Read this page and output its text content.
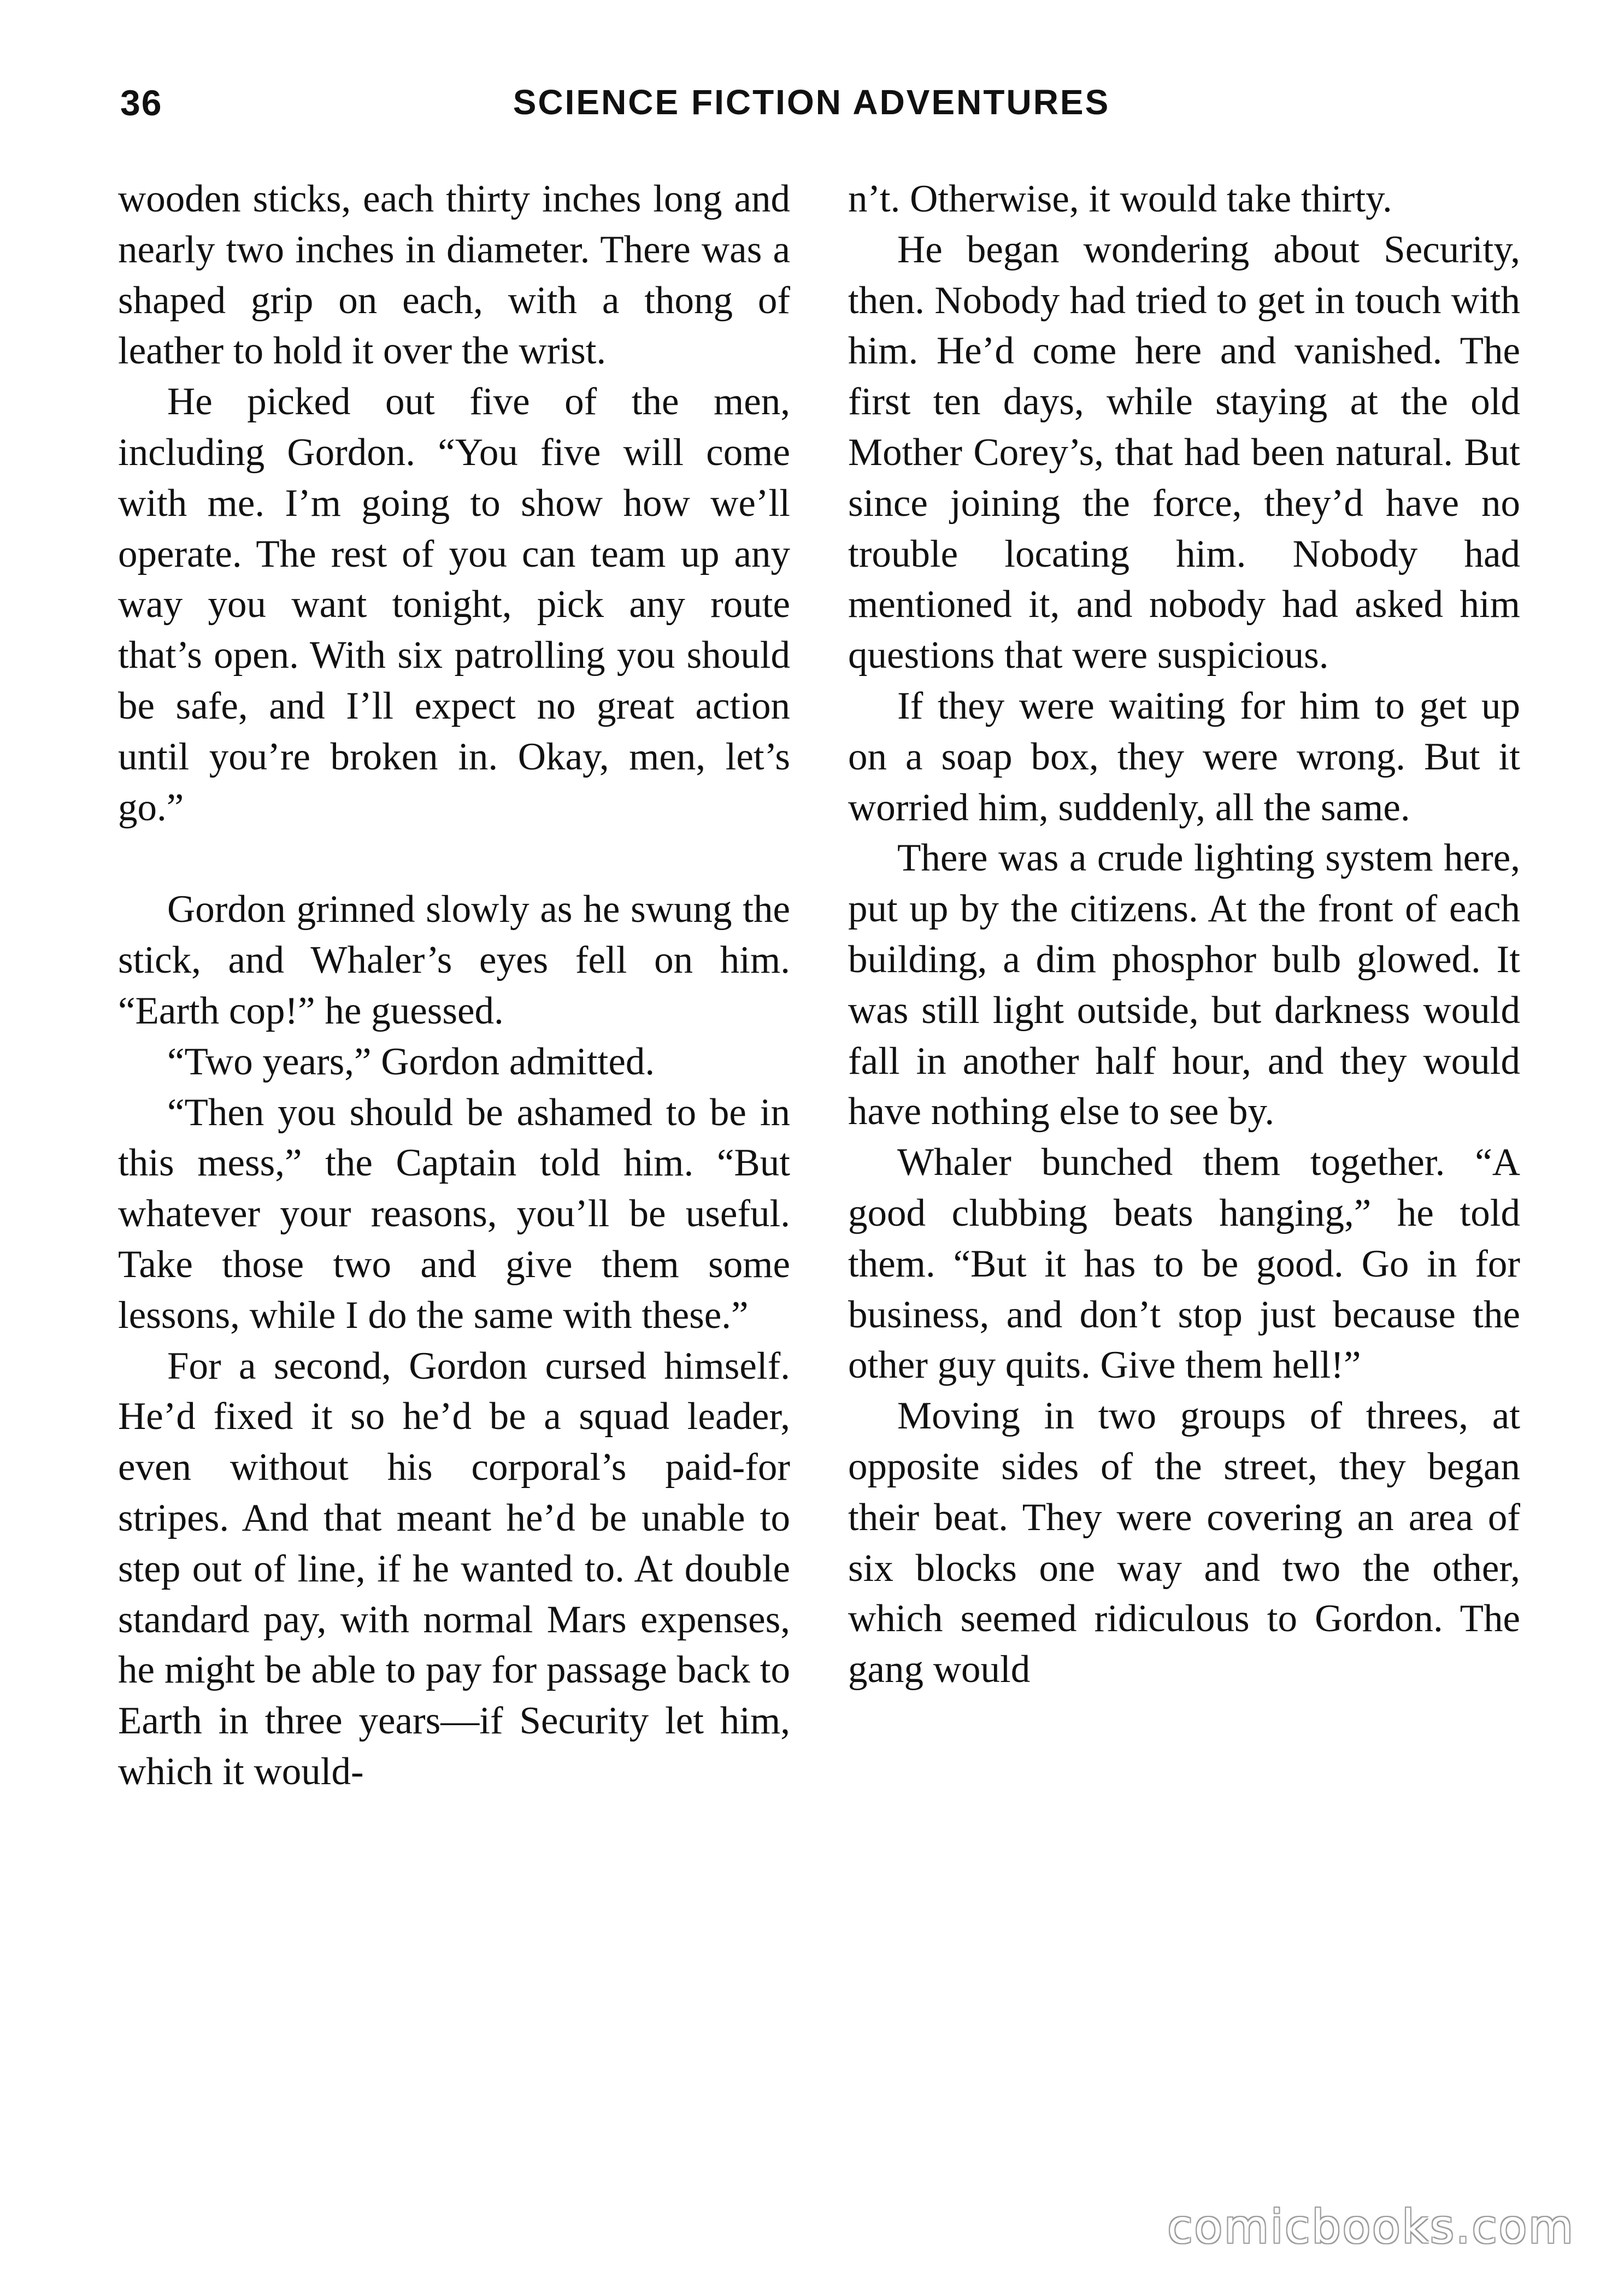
36	SCIENCE FICTION ADVENTURES

wooden sticks, each thirty inches long and nearly two inches in diameter. There was a shaped grip on each, with a thong of leather to hold it over the wrist.

He picked out five of the men, including Gordon. “You five will come with me. I’m going to show how we’ll operate. The rest of you can team up any way you want tonight, pick any route that’s open. With six patrolling you should be safe, and I’ll expect no great action until you’re broken in. Okay, men, let’s go.”

Gordon grinned slowly as he swung the stick, and Whaler’s eyes fell on him. “Earth cop!” he guessed.

“Two years,” Gordon admitted.

“Then you should be ashamed to be in this mess,” the Captain told him. “But whatever your reasons, you’ll be useful. Take those two and give them some lessons, while I do the same with these.”

For a second, Gordon cursed himself. He’d fixed it so he’d be a squad leader, even without his corporal’s paid-for stripes. And that meant he’d be unable to step out of line, if he wanted to. At double standard pay, with normal Mars expenses, he might be able to pay for passage back to Earth in three years—if Security let him, which it would-

n’t. Otherwise, it would take thirty.

He began wondering about Security, then. Nobody had tried to get in touch with him. He’d come here and vanished. The first ten days, while staying at the old Mother Corey’s, that had been natural. But since joining the force, they’d have no trouble locating him. Nobody had mentioned it, and nobody had asked him questions that were suspicious.

If they were waiting for him to get up on a soap box, they were wrong. But it worried him, suddenly, all the same.

There was a crude lighting system here, put up by the citizens. At the front of each building, a dim phosphor bulb glowed. It was still light outside, but darkness would fall in another half hour, and they would have nothing else to see by.

Whaler bunched them together. “A good clubbing beats hanging,” he told them. “But it has to be good. Go in for business, and don’t stop just because the other guy quits. Give them hell!”

Moving in two groups of threes, at opposite sides of the street, they began their beat. They were covering an area of six blocks one way and two the other, which seemed ridiculous to Gordon. The gang would

comicbooks.com
